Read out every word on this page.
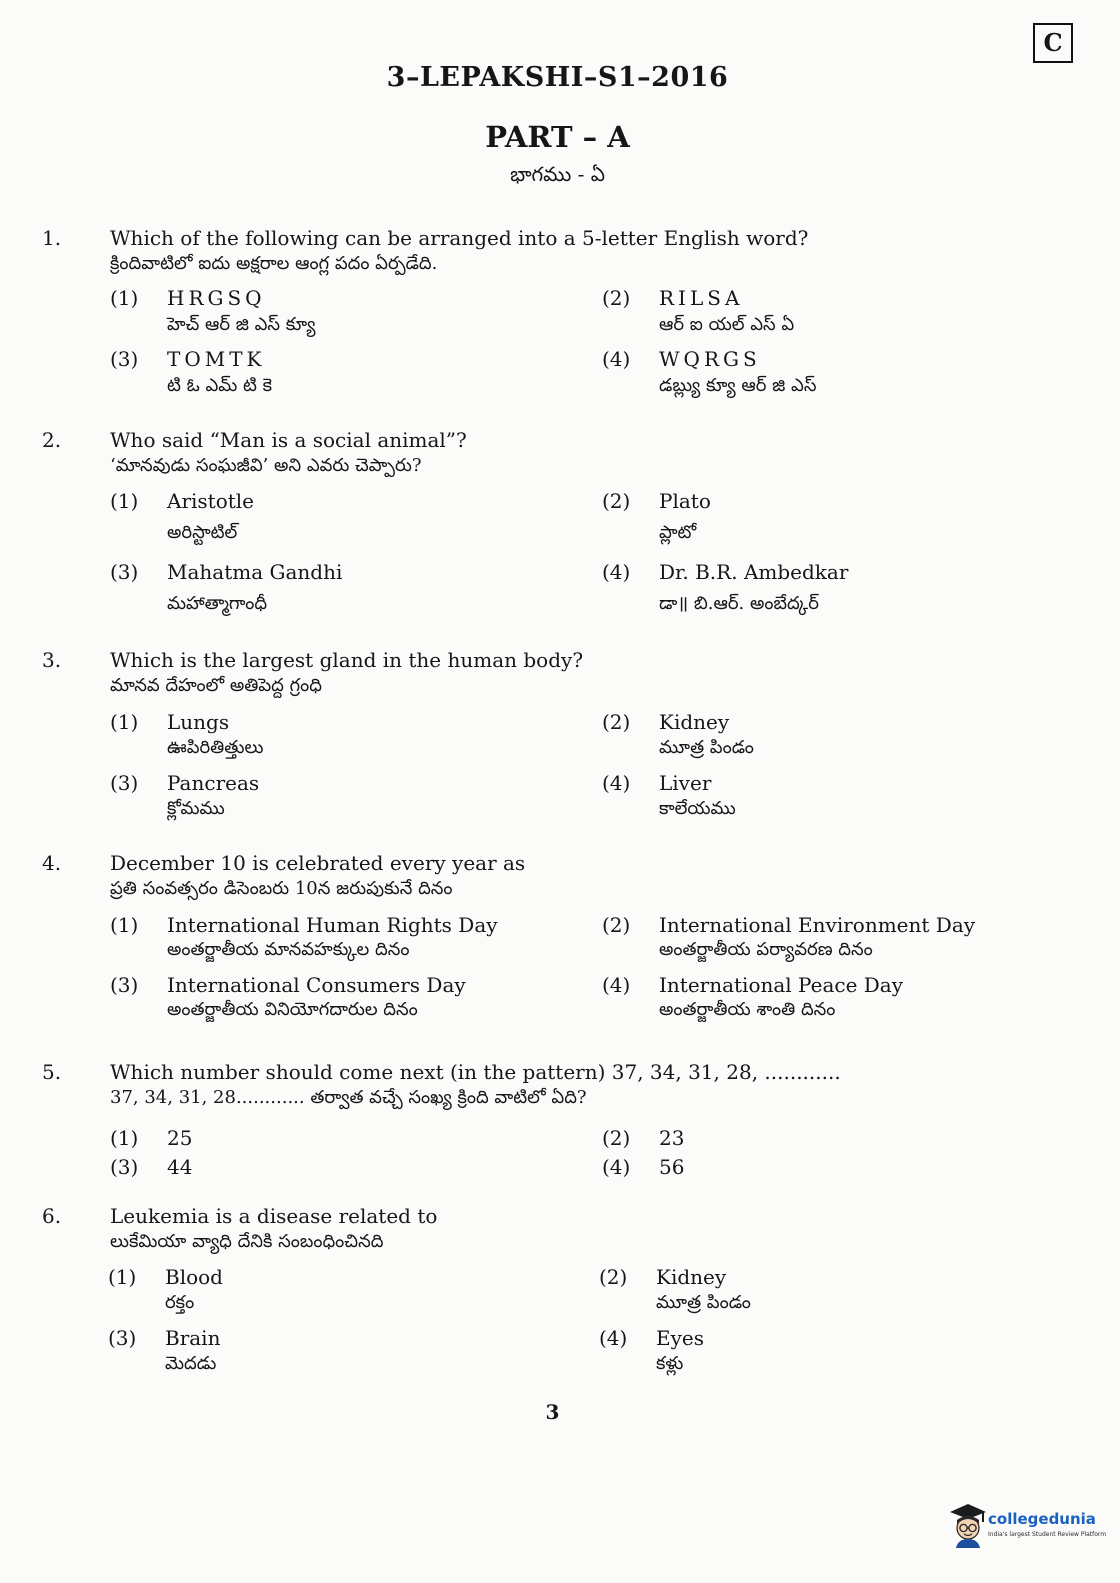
C
3–LEPAKSHI–S1–2016
PART – A
భాగము - ఏ
1. Which of the following can be arranged into a 5-letter English word?
క్రిందివాటిలో ఐదు అక్షరాల ఆంగ్ల పదం ఏర్పడేది.
(1) HRGSQ
హెచ్ ఆర్ జి ఎస్ క్యూ
(2) RILSA
ఆర్ ఐ యల్ ఎస్ ఏ
(3) TOMTK
టి ఓ ఎమ్ టి కె
(4) WQRGS
డబ్ల్యు క్యూ ఆర్ జి ఎస్
2. Who said “Man is a social animal”?
‘మానవుడు సంఘజీవి’ అని ఎవరు చెప్పారు?
(1) Aristotle
అరిస్టాటిల్
(2) Plato
ప్లాటో
(3) Mahatma Gandhi
మహాత్మాగాంధీ
(4) Dr. B.R. Ambedkar
డా॥ బి.ఆర్. అంబేద్కర్
3. Which is the largest gland in the human body?
మానవ దేహంలో అతిపెద్ద గ్రంధి
(1) Lungs
ఊపిరితిత్తులు
(2) Kidney
మూత్ర పిండం
(3) Pancreas
క్లోమము
(4) Liver
కాలేయము
4. December 10 is celebrated every year as
ప్రతి సంవత్సరం డిసెంబరు 10న జరుపుకునే దినం
(1) International Human Rights Day
అంతర్జాతీయ మానవహక్కుల దినం
(2) International Environment Day
అంతర్జాతీయ పర్యావరణ దినం
(3) International Consumers Day
అంతర్జాతీయ వినియోగదారుల దినం
(4) International Peace Day
అంతర్జాతీయ శాంతి దినం
5. Which number should come next (in the pattern) 37, 34, 31, 28, ............
37, 34, 31, 28............ తర్వాత వచ్చే సంఖ్య క్రింది వాటిలో ఏది?
(1) 25	(2) 23
(3) 44	(4) 56
6. Leukemia is a disease related to
లుకేమియా వ్యాధి దేనికి సంబంధించినది
(1) Blood
రక్తం
(2) Kidney
మూత్ర పిండం
(3) Brain
మెదడు
(4) Eyes
కళ్లు
3
collegedunia
India's largest Student Review Platform
